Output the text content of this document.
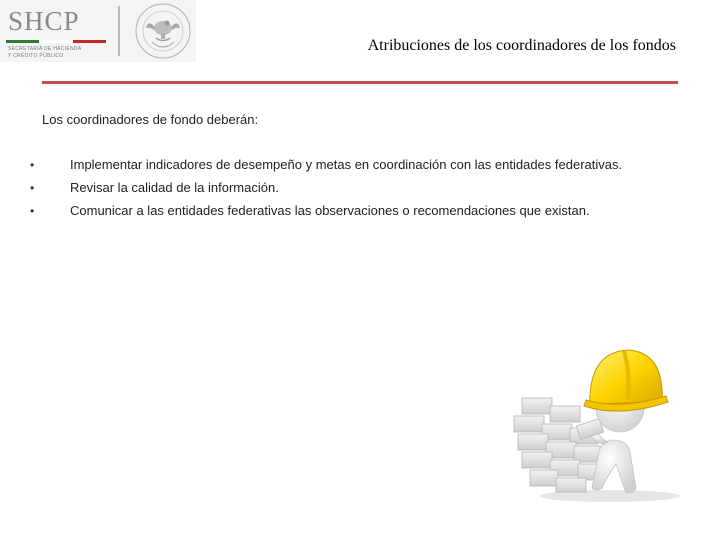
SHCP
SECRETARÍA DE HACIENDA
Y CRÉDITO PÚBLICO
Atribuciones de los coordinadores de los fondos
Los coordinadores de fondo deberán:
•	Implementar indicadores de desempeño y metas en coordinación con las entidades federativas.
•	Revisar la calidad de la información.
•	Comunicar a las entidades federativas las observaciones o recomendaciones que existan.
